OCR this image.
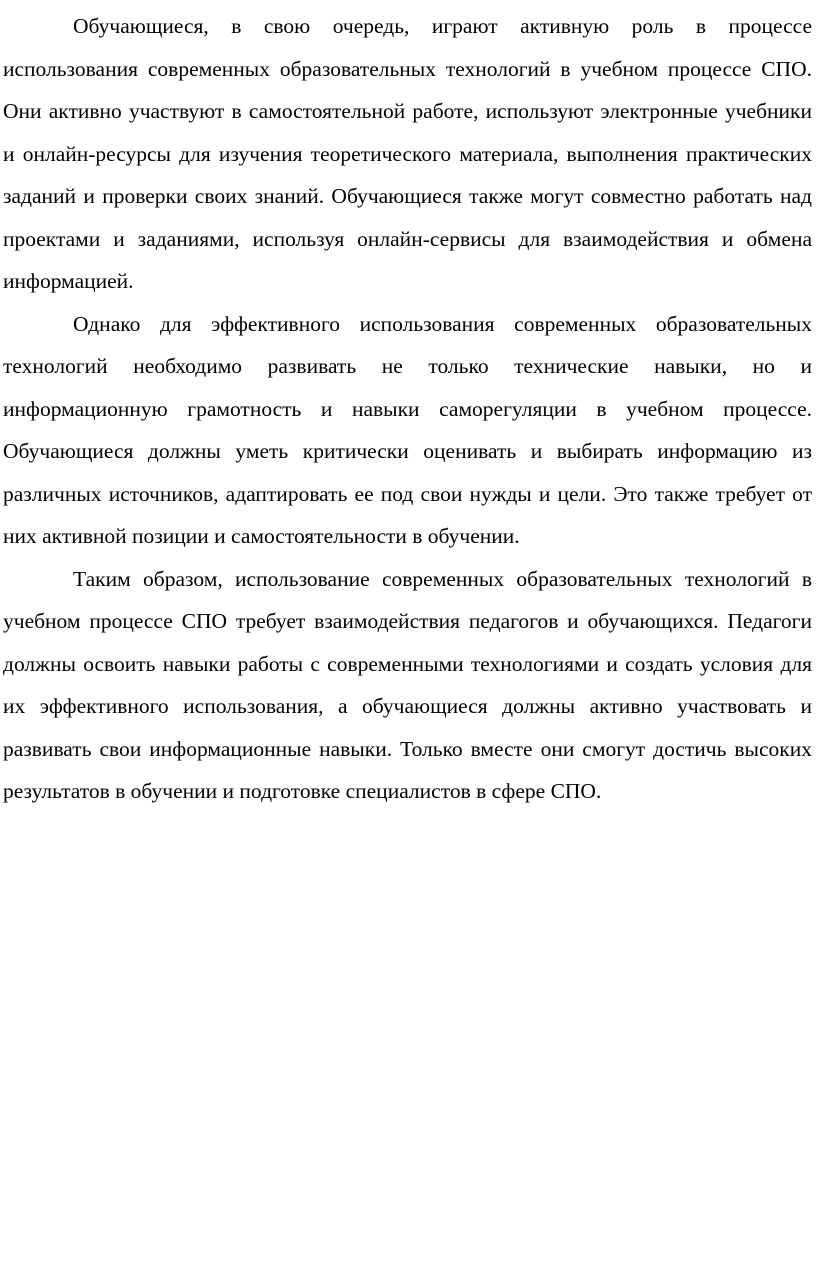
Обучающиеся, в свою очередь, играют активную роль в процессе использования современных образовательных технологий в учебном процессе СПО. Они активно участвуют в самостоятельной работе, используют электронные учебники и онлайн-ресурсы для изучения теоретического материала, выполнения практических заданий и проверки своих знаний. Обучающиеся также могут совместно работать над проектами и заданиями, используя онлайн-сервисы для взаимодействия и обмена информацией.

Однако для эффективного использования современных образовательных технологий необходимо развивать не только технические навыки, но и информационную грамотность и навыки саморегуляции в учебном процессе. Обучающиеся должны уметь критически оценивать и выбирать информацию из различных источников, адаптировать ее под свои нужды и цели. Это также требует от них активной позиции и самостоятельности в обучении.

Таким образом, использование современных образовательных технологий в учебном процессе СПО требует взаимодействия педагогов и обучающихся. Педагоги должны освоить навыки работы с современными технологиями и создать условия для их эффективного использования, а обучающиеся должны активно участвовать и развивать свои информационные навыки. Только вместе они смогут достичь высоких результатов в обучении и подготовке специалистов в сфере СПО.
